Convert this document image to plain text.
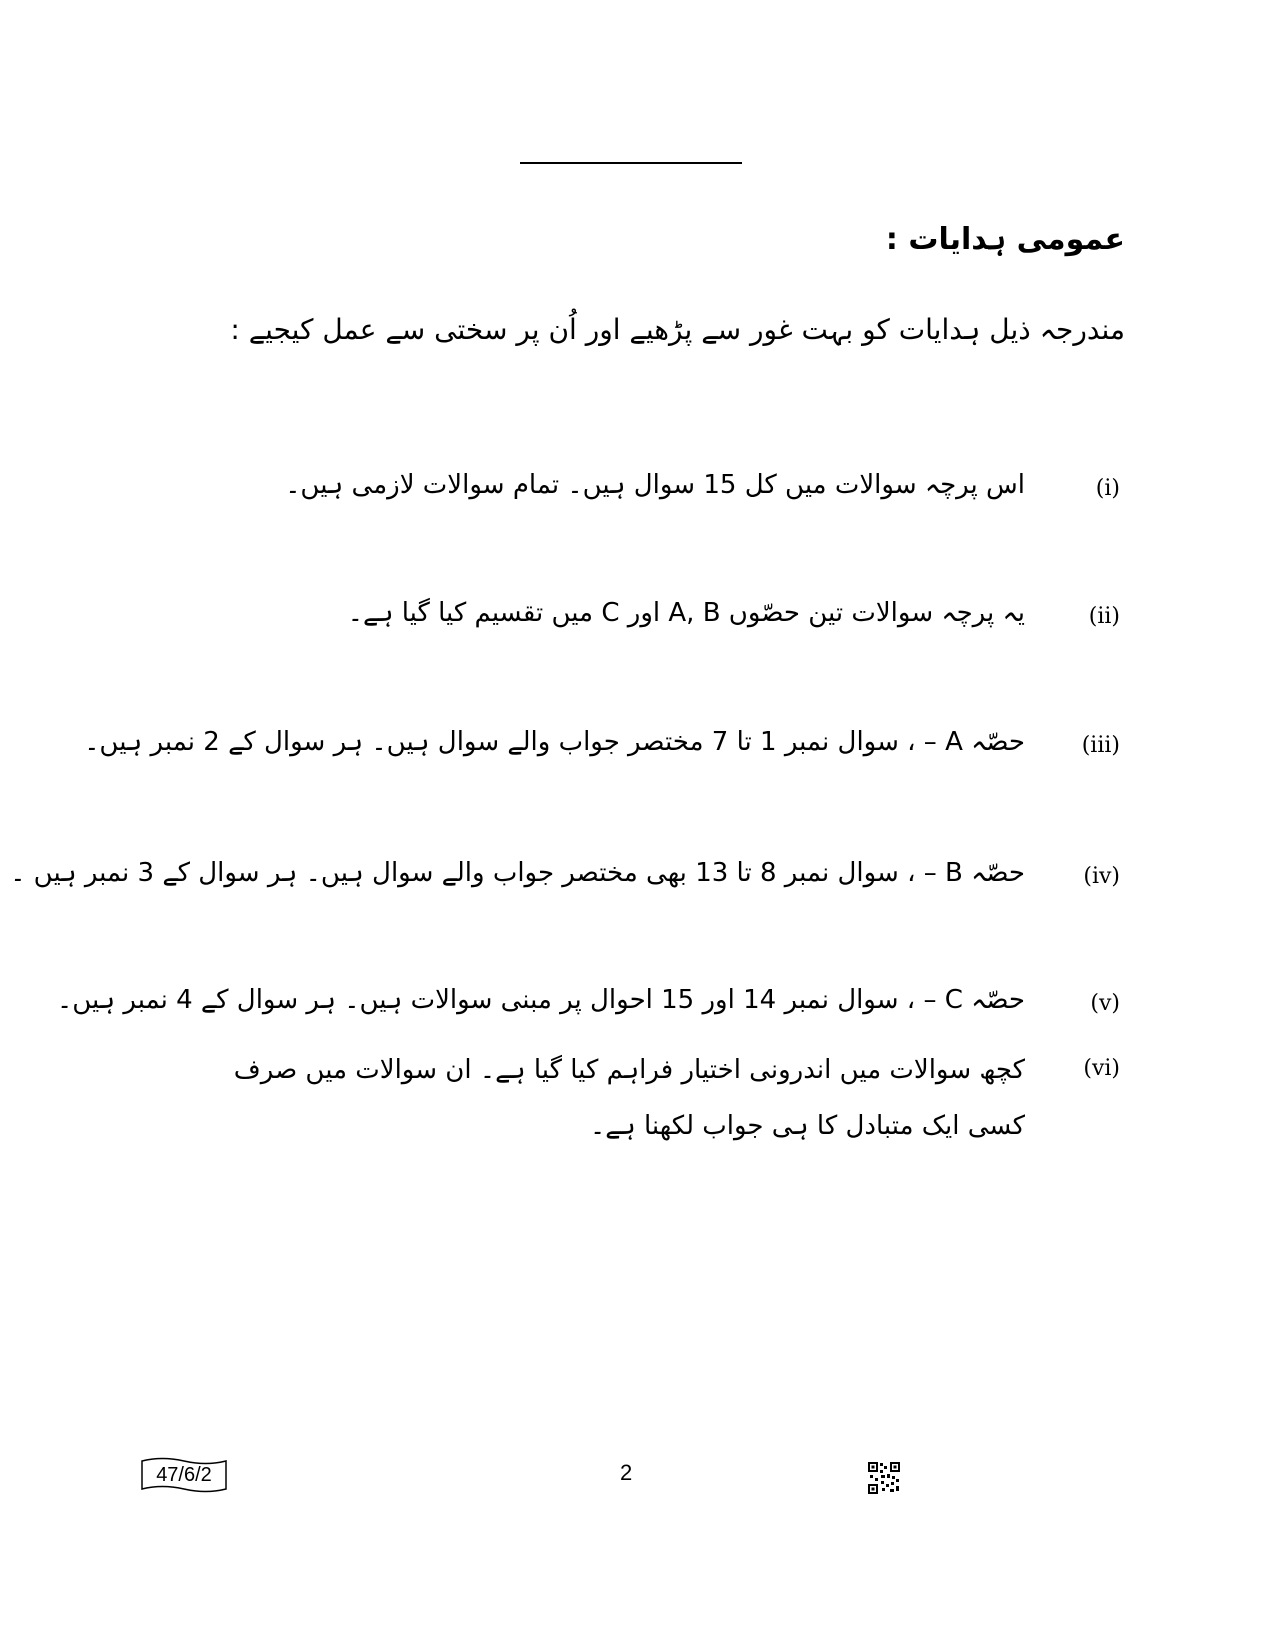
عمومی ہدایات :
مندرجہ ذیل ہدایات کو بہت غور سے پڑھیے اور اُن پر سختی سے عمل کیجیے :
(i)
اس پرچہ سوالات میں کل 15 سوال ہیں۔ تمام سوالات لازمی ہیں۔
(ii)
یہ پرچہ سوالات تین حصّوں A, B اور C میں تقسیم کیا گیا ہے۔
(iii)
حصّہ A – ، سوال نمبر 1 تا 7 مختصر جواب والے سوال ہیں۔ ہر سوال کے 2 نمبر ہیں۔
(iv)
حصّہ B – ، سوال نمبر 8 تا 13 بھی مختصر جواب والے سوال ہیں۔ ہر سوال کے 3 نمبر ہیں ۔
(v)
حصّہ C – ، سوال نمبر 14 اور 15 احوال پر مبنی سوالات ہیں۔ ہر سوال کے 4 نمبر ہیں۔
(vi)
کچھ سوالات میں اندرونی اختیار فراہم کیا گیا ہے۔ ان سوالات میں صرف کسی ایک متبادل کا ہی جواب لکھنا ہے۔
47/6/2	2
